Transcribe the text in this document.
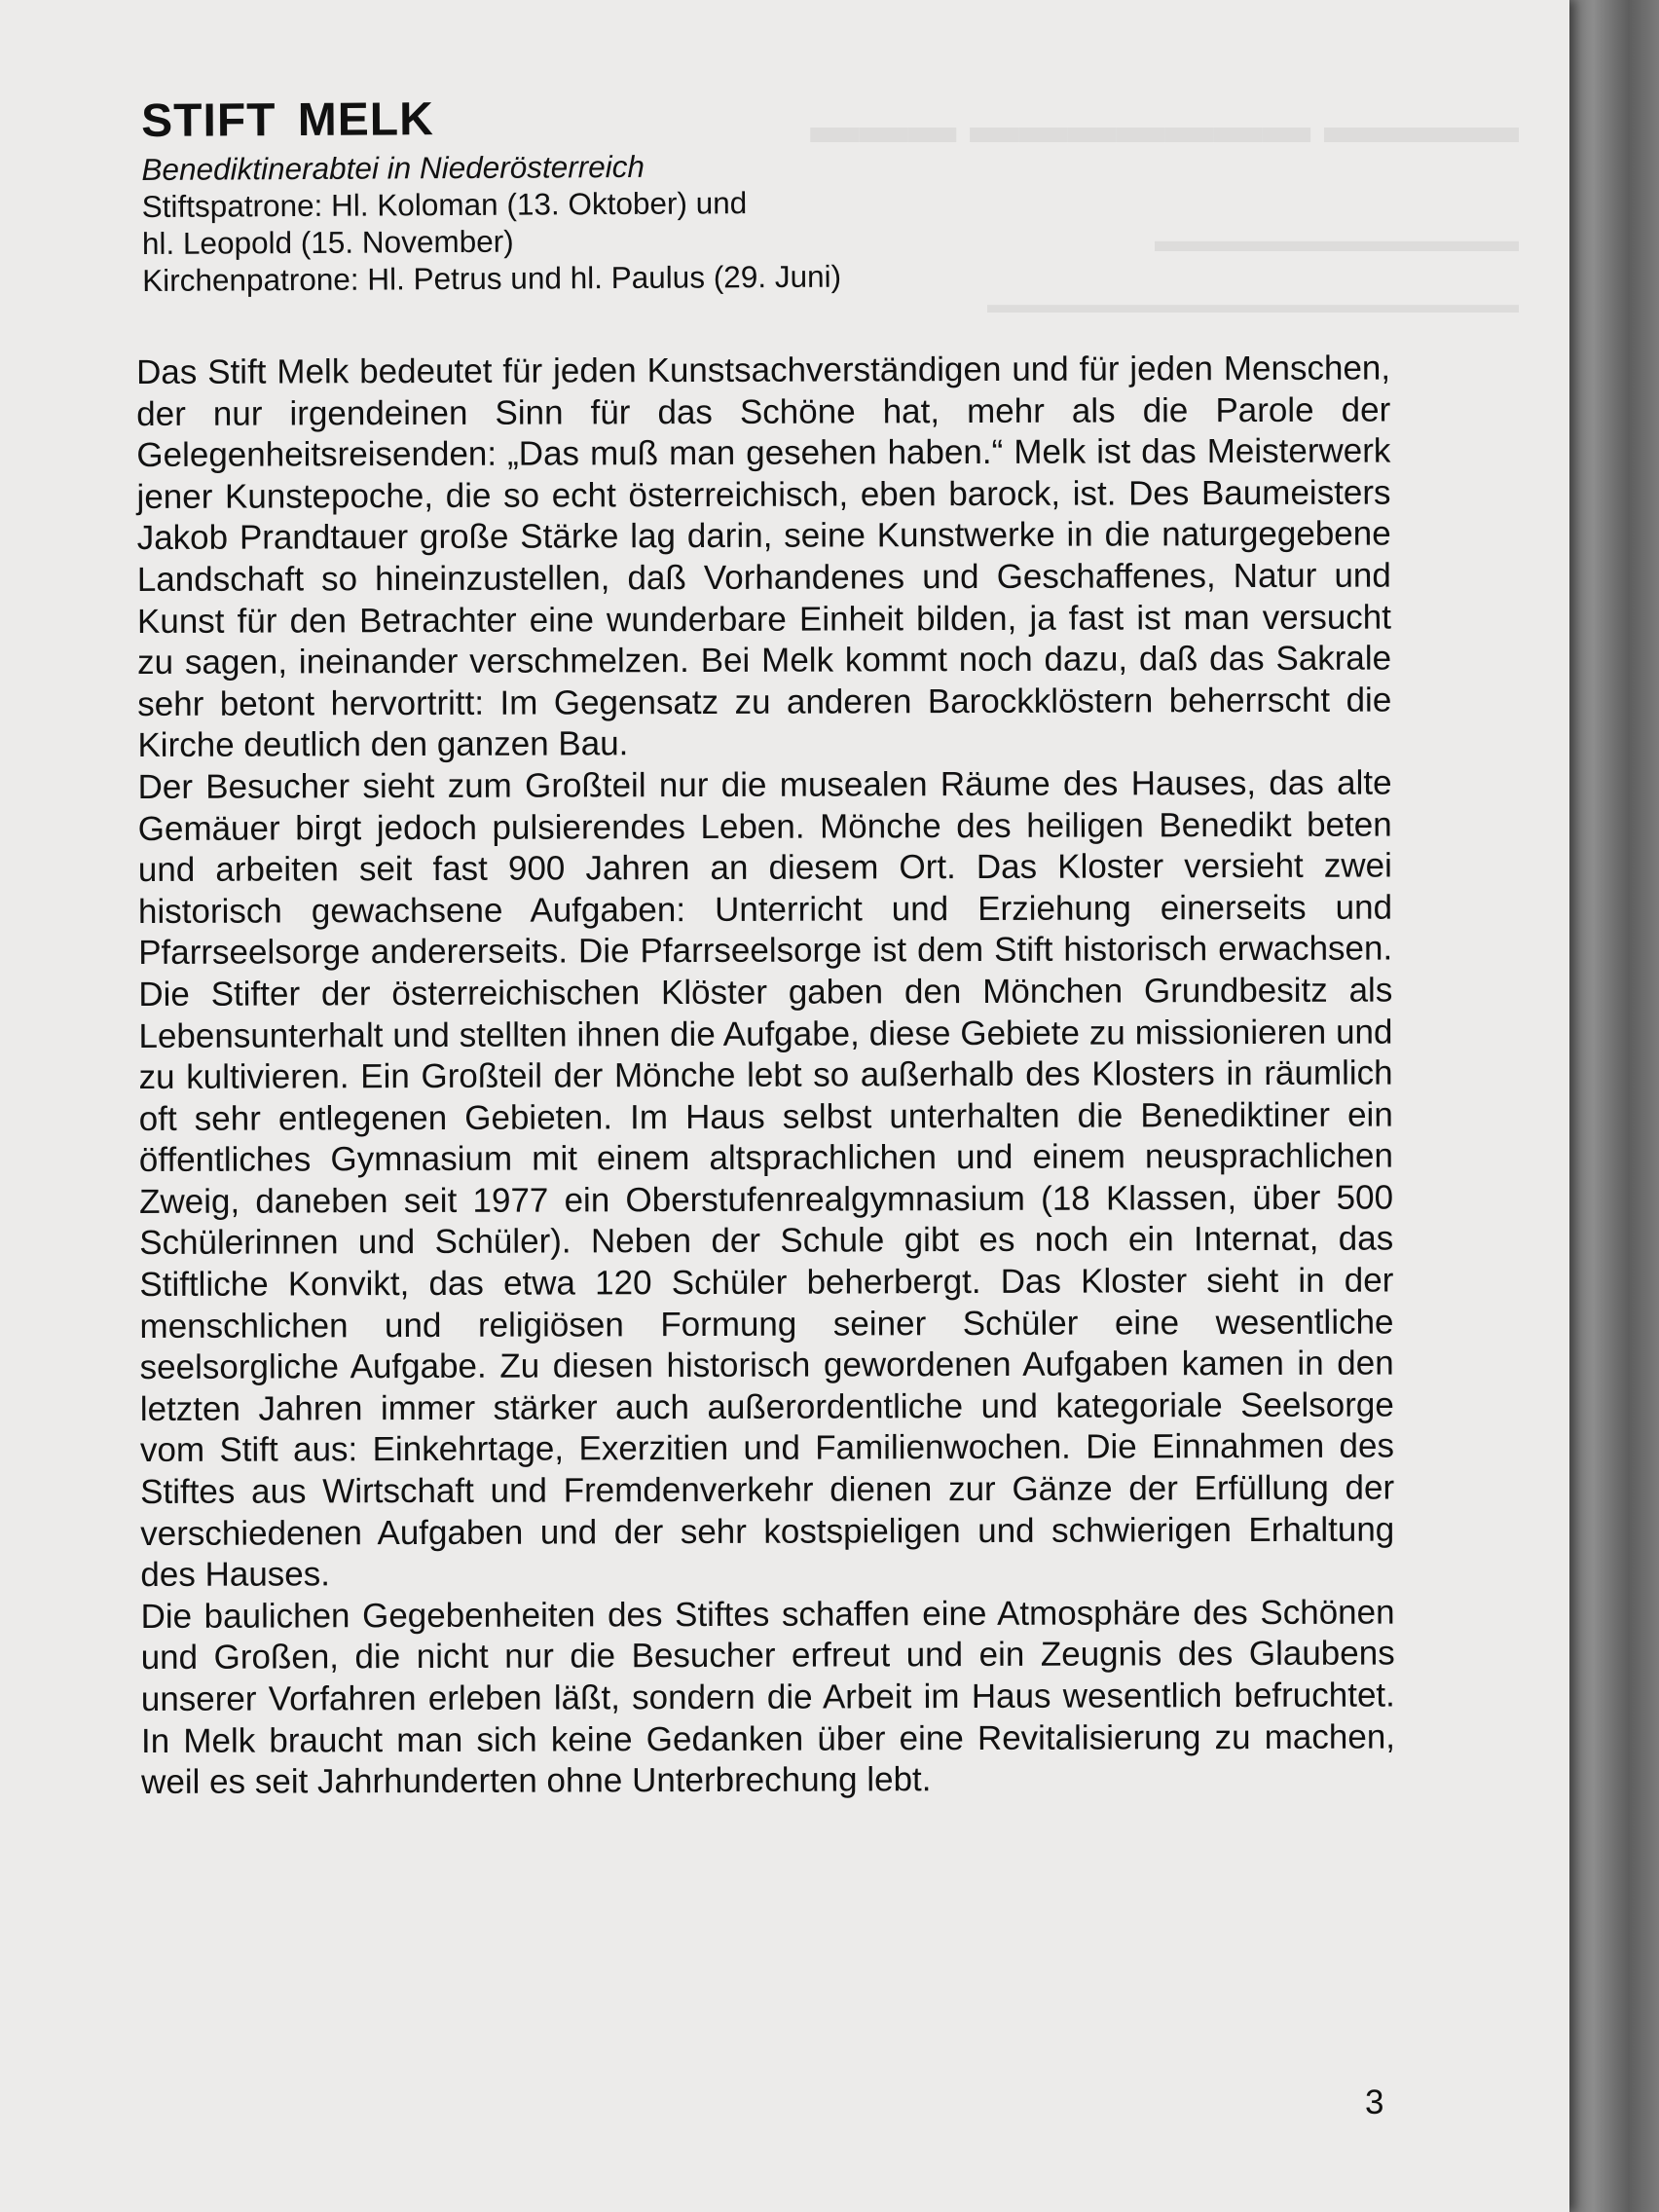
▬▬▬▬ ▬▬▬▬▬▬▬ ▬▬▬
▬▬▬▬▬▬▬▬▬▬▬
▬▬▬▬▬▬▬▬▬▬▬▬▬▬▬▬▬▬▬▬▬
STIFT MELK

Benediktinerabtei in Niederösterreich

Stiftspatrone: Hl. Koloman (13. Oktober) und

hl. Leopold (15. November)

Kirchenpatrone: Hl. Petrus und hl. Paulus (29. Juni)

Das Stift Melk bedeutet für jeden Kunstsachverständigen und für jeden Menschen, der nur irgendeinen Sinn für das Schöne hat, mehr als die Parole der Gelegenheitsreisenden: „Das muß man gesehen haben.“ Melk ist das Meisterwerk jener Kunstepoche, die so echt österreichisch, eben barock, ist. Des Baumeisters Jakob Prandtauer große Stärke lag darin, seine Kunstwerke in die naturgegebene Landschaft so hineinzustellen, daß Vorhandenes und Geschaffenes, Natur und Kunst für den Betrachter eine wunderbare Einheit bilden, ja fast ist man versucht zu sagen, ineinander verschmelzen. Bei Melk kommt noch dazu, daß das Sakrale sehr betont hervortritt: Im Gegensatz zu anderen Barockklöstern beherrscht die Kirche deutlich den ganzen Bau.

Der Besucher sieht zum Großteil nur die musealen Räume des Hauses, das alte Gemäuer birgt jedoch pulsierendes Leben. Mönche des heiligen Benedikt beten und arbeiten seit fast 900 Jahren an diesem Ort. Das Kloster versieht zwei historisch gewachsene Aufgaben: Unterricht und Erziehung einerseits und Pfarrseelsorge andererseits. Die Pfarrseelsorge ist dem Stift historisch erwachsen. Die Stifter der österreichischen Klöster gaben den Mönchen Grundbesitz als Lebensunterhalt und stellten ihnen die Aufgabe, diese Gebiete zu missionieren und zu kultivieren. Ein Großteil der Mönche lebt so außerhalb des Klosters in räumlich oft sehr entlegenen Gebieten. Im Haus selbst unterhalten die Benediktiner ein öffentliches Gymnasium mit einem altsprachlichen und einem neusprachlichen Zweig, daneben seit 1977 ein Oberstufenrealgymnasium (18 Klassen, über 500 Schülerinnen und Schüler). Neben der Schule gibt es noch ein Internat, das Stiftliche Konvikt, das etwa 120 Schüler beherbergt. Das Kloster sieht in der menschlichen und religiösen Formung seiner Schüler eine wesentliche seelsorgliche Aufgabe. Zu diesen historisch gewordenen Aufgaben kamen in den letzten Jahren immer stärker auch außerordentliche und kategoriale Seelsorge vom Stift aus: Einkehrtage, Exerzitien und Familienwochen. Die Einnahmen des Stiftes aus Wirtschaft und Fremdenverkehr dienen zur Gänze der Erfüllung der verschiedenen Aufgaben und der sehr kostspieligen und schwierigen Erhaltung des Hauses.

Die baulichen Gegebenheiten des Stiftes schaffen eine Atmosphäre des Schönen und Großen, die nicht nur die Besucher erfreut und ein Zeugnis des Glaubens unserer Vorfahren erleben läßt, sondern die Arbeit im Haus wesentlich befruchtet. In Melk braucht man sich keine Gedanken über eine Revitalisierung zu machen, weil es seit Jahrhunderten ohne Unterbrechung lebt.

3
